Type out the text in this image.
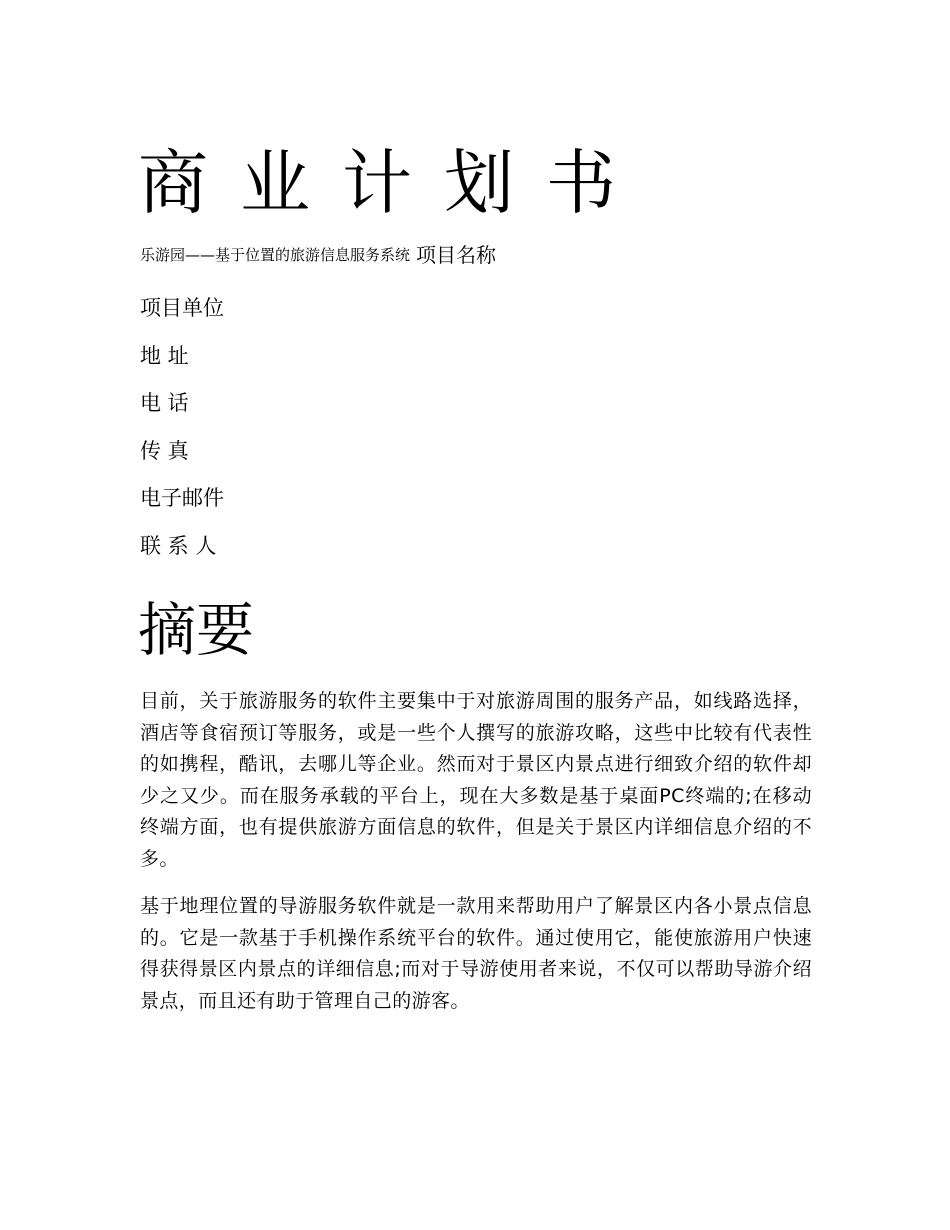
商业计划书
乐游园——基于位置的旅游信息服务系统 项目名称
项目单位
地 址
电 话
传 真
电子邮件
联 系 人
摘要

目前，关于旅游服务的软件主要集中于对旅游周围的服务产品，如线路选择，酒店等食宿预订等服务，或是一些个人撰写的旅游攻略，这些中比较有代表性的如携程，酷讯，去哪儿等企业。然而对于景区内景点进行细致介绍的软件却少之又少。而在服务承载的平台上，现在大多数是基于桌面PC终端的;在移动终端方面，也有提供旅游方面信息的软件，但是关于景区内详细信息介绍的不多。

基于地理位置的导游服务软件就是一款用来帮助用户了解景区内各小景点信息的。它是一款基于手机操作系统平台的软件。通过使用它，能使旅游用户快速得获得景区内景点的详细信息;而对于导游使用者来说，不仅可以帮助导游介绍景点，而且还有助于管理自己的游客。
